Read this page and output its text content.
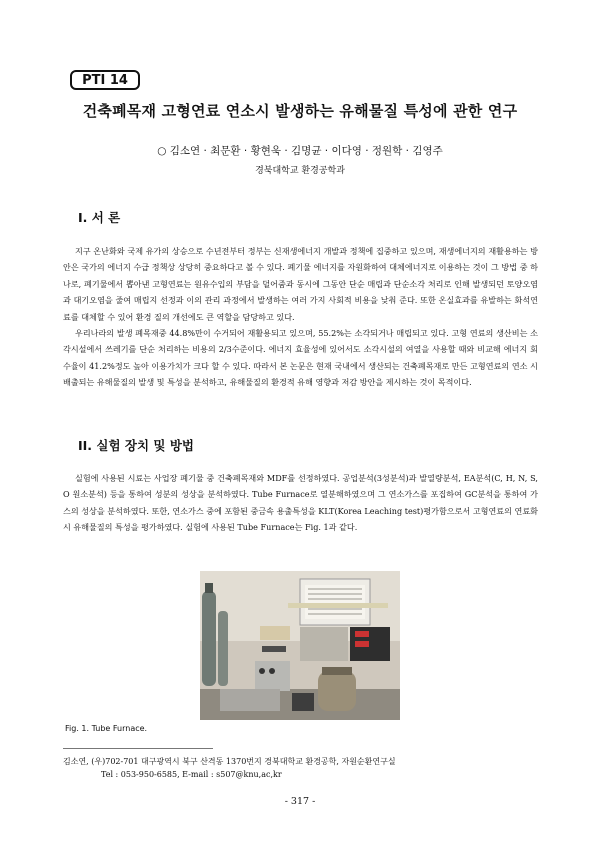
PTI 14
건축폐목재 고형연료 연소시 발생하는 유해물질 특성에 관한 연구
○ 김소연 · 최문환 · 황현욱 · 김명균 · 이다영 · 정원학 · 김영주
경북대학교 환경공학과
I. 서 론

지구 온난화와 국제 유가의 상승으로 수년전부터 정부는 신재생에너지 개발과 정책에 집중하고 있으며, 재생에너지의 재활용하는 방안은 국가의 에너지 수급 정책상 상당히 중요하다고 볼 수 있다. 폐기물 에너지를 자원화하여 대체에너지로 이용하는 것이 그 방법 중 하나로, 폐기물에서 뽑아낸 고형연료는 원유수입의 부담을 덜어줌과 동시에 그동안 단순 매립과 단순소각 처리로 인해 발생되던 토양오염과 대기오염을 줄여 매립지 선정과 이의 관리 과정에서 발생하는 여러 가지 사회적 비용을 낮춰 준다. 또한 온실효과를 유발하는 화석연료를 대체할 수 있어 환경 질의 개선에도 큰 역할을 담당하고 있다.

우리나라의 발생 폐목재중 44.8%만이 수거되어 재활용되고 있으며, 55.2%는 소각되거나 매립되고 있다. 고형 연료의 생산비는 소각시설에서 쓰레기를 단순 처리하는 비용의 2/3수준이다. 에너지 효율성에 있어서도 소각시설의 여열을 사용할 때와 비교해 에너지 회수율이 41.2%정도 높아 이용가치가 크다 할 수 있다. 따라서 본 논문은 현재 국내에서 생산되는 건축폐목재로 만든 고형연료의 연소 시 배출되는 유해물질의 발생 및 특성을 분석하고, 유해물질의 환경적 유해 영향과 저감 방안을 제시하는 것이 목적이다.

II. 실험 장치 및 방법

실험에 사용된 시료는 사업장 폐기물 중 건축폐목재와 MDF를 선정하였다. 공업분석(3성분석)과 발열량분석, EA분석(C, H, N, S, O 원소분석) 등을 통하여 성분의 성상을 분석하였다. Tube Furnace로 열분해하였으며 그 연소가스를 포집하여 GC분석을 통하여 가스의 성상을 분석하였다. 또한, 연소가스 중에 포함된 중금속 용출특성을 KLT(Korea Leaching test)평가함으로서 고형연료의 연료화시 유해물질의 특성을 평가하였다. 실험에 사용된 Tube Furnace는 Fig. 1과 같다.

Fig. 1. Tube Furnace.
김소연, (우)702-701 대구광역시 북구 산격동 1370번지 경북대학교 환경공학, 자원순환연구실
Tel : 053-950-6585, E-mail : s507@knu,ac,kr
- 317 -
